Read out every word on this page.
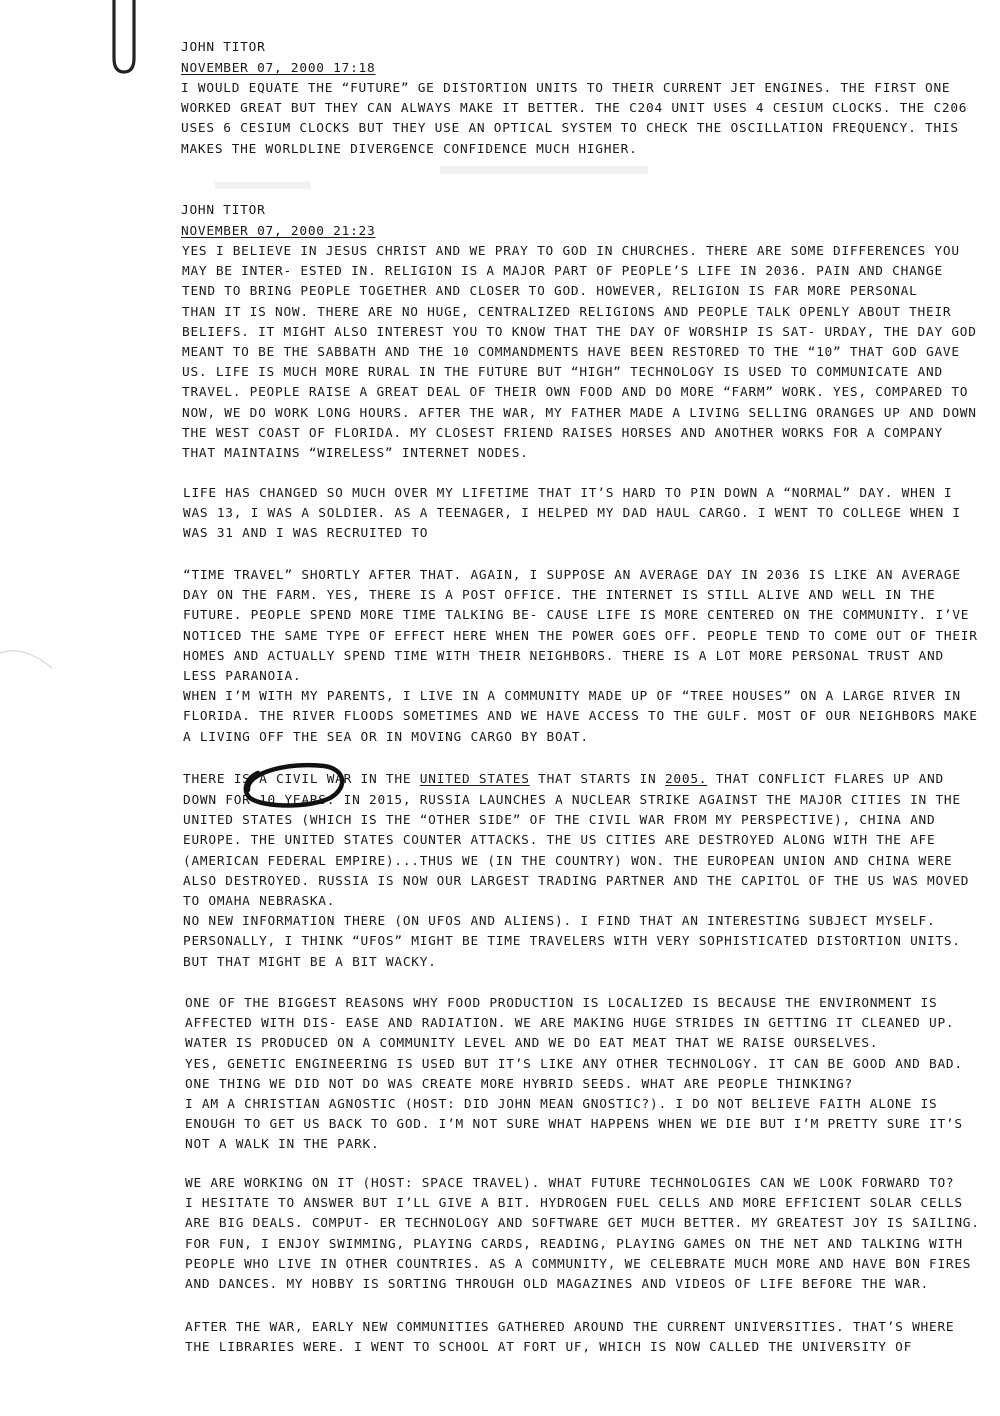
▬▬▬▬
▬▬▬▬▬▬▬▬
JOHN TITOR
NOVEMBER 07, 2000 17:18
I WOULD EQUATE THE “FUTURE” GE DISTORTION UNITS TO THEIR CURRENT JET ENGINES. THE FIRST ONE
WORKED GREAT BUT THEY CAN ALWAYS MAKE IT BETTER. THE C204 UNIT USES 4 CESIUM CLOCKS. THE C206
USES 6 CESIUM CLOCKS BUT THEY USE AN OPTICAL SYSTEM TO CHECK THE OSCILLATION FREQUENCY. THIS
MAKES THE WORLDLINE DIVERGENCE CONFIDENCE MUCH HIGHER.
JOHN TITOR
NOVEMBER 07, 2000 21:23
YES I BELIEVE IN JESUS CHRIST AND WE PRAY TO GOD IN CHURCHES. THERE ARE SOME DIFFERENCES YOU
MAY BE INTER- ESTED IN. RELIGION IS A MAJOR PART OF PEOPLE’S LIFE IN 2036. PAIN AND CHANGE
TEND TO BRING PEOPLE TOGETHER AND CLOSER TO GOD. HOWEVER, RELIGION IS FAR MORE PERSONAL
THAN IT IS NOW. THERE ARE NO HUGE, CENTRALIZED RELIGIONS AND PEOPLE TALK OPENLY ABOUT THEIR
BELIEFS. IT MIGHT ALSO INTEREST YOU TO KNOW THAT THE DAY OF WORSHIP IS SAT- URDAY, THE DAY GOD
MEANT TO BE THE SABBATH AND THE 10 COMMANDMENTS HAVE BEEN RESTORED TO THE “10” THAT GOD GAVE
US. LIFE IS MUCH MORE RURAL IN THE FUTURE BUT “HIGH” TECHNOLOGY IS USED TO COMMUNICATE AND
TRAVEL. PEOPLE RAISE A GREAT DEAL OF THEIR OWN FOOD AND DO MORE “FARM” WORK. YES, COMPARED TO
NOW, WE DO WORK LONG HOURS. AFTER THE WAR, MY FATHER MADE A LIVING SELLING ORANGES UP AND DOWN
THE WEST COAST OF FLORIDA. MY CLOSEST FRIEND RAISES HORSES AND ANOTHER WORKS FOR A COMPANY
THAT MAINTAINS “WIRELESS” INTERNET NODES.
LIFE HAS CHANGED SO MUCH OVER MY LIFETIME THAT IT’S HARD TO PIN DOWN A “NORMAL” DAY. WHEN I
WAS 13, I WAS A SOLDIER. AS A TEENAGER, I HELPED MY DAD HAUL CARGO. I WENT TO COLLEGE WHEN I
WAS 31 AND I WAS RECRUITED TO
“TIME TRAVEL” SHORTLY AFTER THAT. AGAIN, I SUPPOSE AN AVERAGE DAY IN 2036 IS LIKE AN AVERAGE
DAY ON THE FARM. YES, THERE IS A POST OFFICE. THE INTERNET IS STILL ALIVE AND WELL IN THE
FUTURE. PEOPLE SPEND MORE TIME TALKING BE- CAUSE LIFE IS MORE CENTERED ON THE COMMUNITY. I’VE
NOTICED THE SAME TYPE OF EFFECT HERE WHEN THE POWER GOES OFF. PEOPLE TEND TO COME OUT OF THEIR
HOMES AND ACTUALLY SPEND TIME WITH THEIR NEIGHBORS. THERE IS A LOT MORE PERSONAL TRUST AND
LESS PARANOIA.
WHEN I’M WITH MY PARENTS, I LIVE IN A COMMUNITY MADE UP OF “TREE HOUSES” ON A LARGE RIVER IN
FLORIDA. THE RIVER FLOODS SOMETIMES AND WE HAVE ACCESS TO THE GULF. MOST OF OUR NEIGHBORS MAKE
A LIVING OFF THE SEA OR IN MOVING CARGO BY BOAT.
THERE IS A CIVIL WAR IN THE UNITED STATES THAT STARTS IN 2005. THAT CONFLICT FLARES UP AND
DOWN FOR 10 YEARS. IN 2015, RUSSIA LAUNCHES A NUCLEAR STRIKE AGAINST THE MAJOR CITIES IN THE
UNITED STATES (WHICH IS THE “OTHER SIDE” OF THE CIVIL WAR FROM MY PERSPECTIVE), CHINA AND
EUROPE. THE UNITED STATES COUNTER ATTACKS. THE US CITIES ARE DESTROYED ALONG WITH THE AFE
(AMERICAN FEDERAL EMPIRE)...THUS WE (IN THE COUNTRY) WON. THE EUROPEAN UNION AND CHINA WERE
ALSO DESTROYED. RUSSIA IS NOW OUR LARGEST TRADING PARTNER AND THE CAPITOL OF THE US WAS MOVED
TO OMAHA NEBRASKA.
NO NEW INFORMATION THERE (ON UFOS AND ALIENS). I FIND THAT AN INTERESTING SUBJECT MYSELF.
PERSONALLY, I THINK “UFOS” MIGHT BE TIME TRAVELERS WITH VERY SOPHISTICATED DISTORTION UNITS.
BUT THAT MIGHT BE A BIT WACKY.
ONE OF THE BIGGEST REASONS WHY FOOD PRODUCTION IS LOCALIZED IS BECAUSE THE ENVIRONMENT IS
AFFECTED WITH DIS- EASE AND RADIATION. WE ARE MAKING HUGE STRIDES IN GETTING IT CLEANED UP.
WATER IS PRODUCED ON A COMMUNITY LEVEL AND WE DO EAT MEAT THAT WE RAISE OURSELVES.
YES, GENETIC ENGINEERING IS USED BUT IT’S LIKE ANY OTHER TECHNOLOGY. IT CAN BE GOOD AND BAD.
ONE THING WE DID NOT DO WAS CREATE MORE HYBRID SEEDS. WHAT ARE PEOPLE THINKING?
I AM A CHRISTIAN AGNOSTIC (HOST: DID JOHN MEAN GNOSTIC?). I DO NOT BELIEVE FAITH ALONE IS
ENOUGH TO GET US BACK TO GOD. I’M NOT SURE WHAT HAPPENS WHEN WE DIE BUT I’M PRETTY SURE IT’S
NOT A WALK IN THE PARK.
WE ARE WORKING ON IT (HOST: SPACE TRAVEL). WHAT FUTURE TECHNOLOGIES CAN WE LOOK FORWARD TO?
I HESITATE TO ANSWER BUT I’LL GIVE A BIT. HYDROGEN FUEL CELLS AND MORE EFFICIENT SOLAR CELLS
ARE BIG DEALS. COMPUT- ER TECHNOLOGY AND SOFTWARE GET MUCH BETTER. MY GREATEST JOY IS SAILING.
FOR FUN, I ENJOY SWIMMING, PLAYING CARDS, READING, PLAYING GAMES ON THE NET AND TALKING WITH
PEOPLE WHO LIVE IN OTHER COUNTRIES. AS A COMMUNITY, WE CELEBRATE MUCH MORE AND HAVE BON FIRES
AND DANCES. MY HOBBY IS SORTING THROUGH OLD MAGAZINES AND VIDEOS OF LIFE BEFORE THE WAR.
AFTER THE WAR, EARLY NEW COMMUNITIES GATHERED AROUND THE CURRENT UNIVERSITIES. THAT’S WHERE
THE LIBRARIES WERE. I WENT TO SCHOOL AT FORT UF, WHICH IS NOW CALLED THE UNIVERSITY OF
